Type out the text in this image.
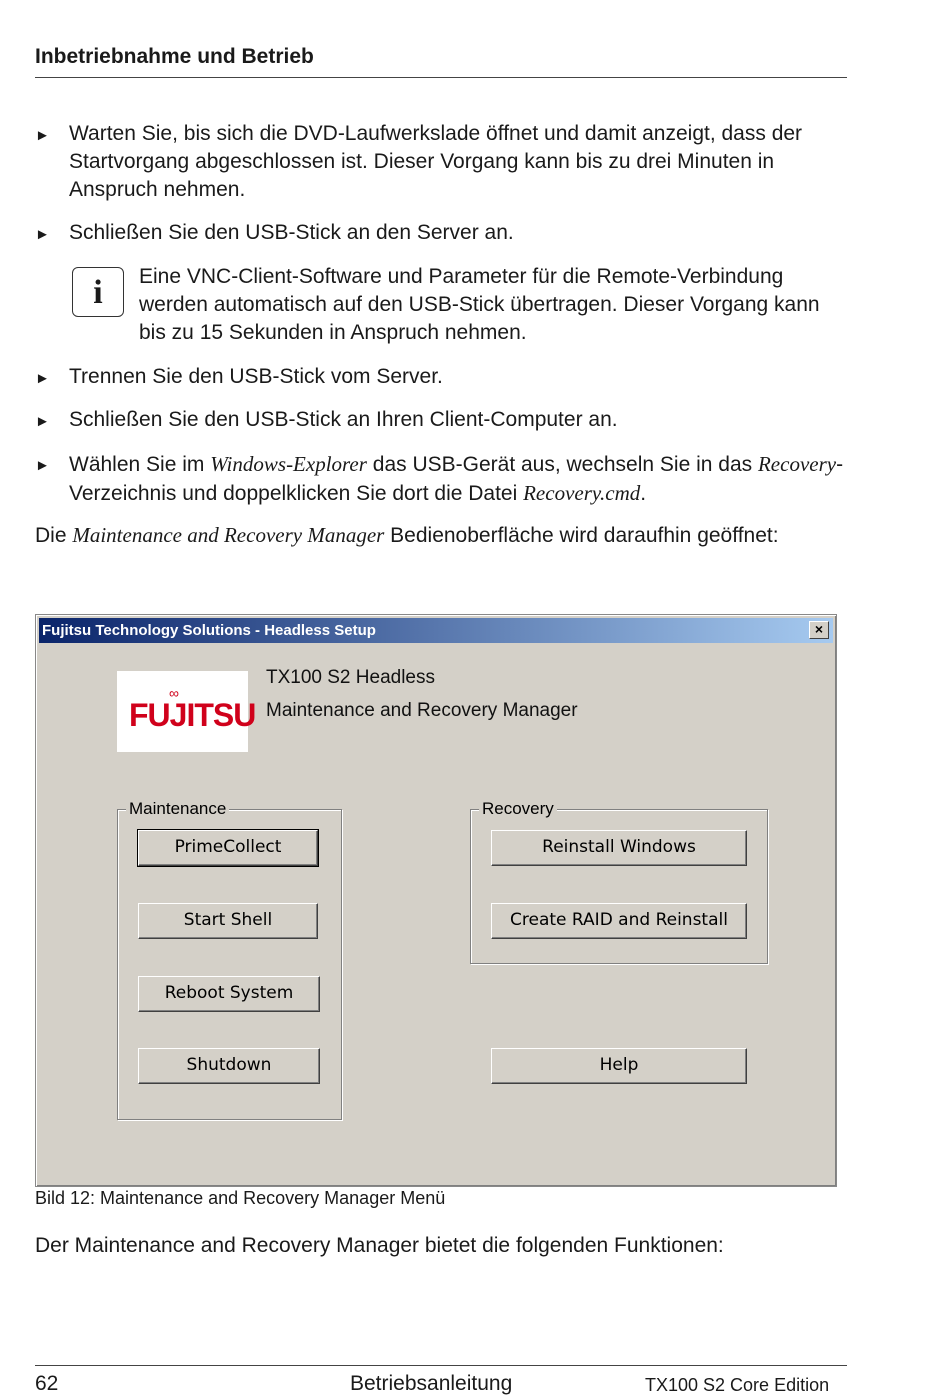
Inbetriebnahme und Betrieb
► Warten Sie, bis sich die DVD-Laufwerkslade öffnet und damit anzeigt, dass der Startvorgang abgeschlossen ist. Dieser Vorgang kann bis zu drei Minuten in Anspruch nehmen.
► Schließen Sie den USB-Stick an den Server an.
i	Eine VNC-Client-Software und Parameter für die Remote-Verbindung werden automatisch auf den USB-Stick übertragen. Dieser Vorgang kann bis zu 15 Sekunden in Anspruch nehmen.
► Trennen Sie den USB-Stick vom Server.
► Schließen Sie den USB-Stick an Ihren Client-Computer an.
► Wählen Sie im Windows-Explorer das USB-Gerät aus, wechseln Sie in das Recovery-Verzeichnis und doppelklicken Sie dort die Datei Recovery.cmd.
Die Maintenance and Recovery Manager Bedienoberfläche wird daraufhin geöffnet:
Fujitsu Technology Solutions - Headless Setup	×
∞
FUJITSU
TX100 S2 Headless
Maintenance and Recovery Manager
Maintenance
PrimeCollect
Start Shell
Reboot System
Shutdown
Recovery
Reinstall Windows
Create RAID and Reinstall
Help
Bild 12: Maintenance and Recovery Manager Menü
Der Maintenance and Recovery Manager bietet die folgenden Funktionen:
62	Betriebsanleitung	TX100 S2 Core Edition
